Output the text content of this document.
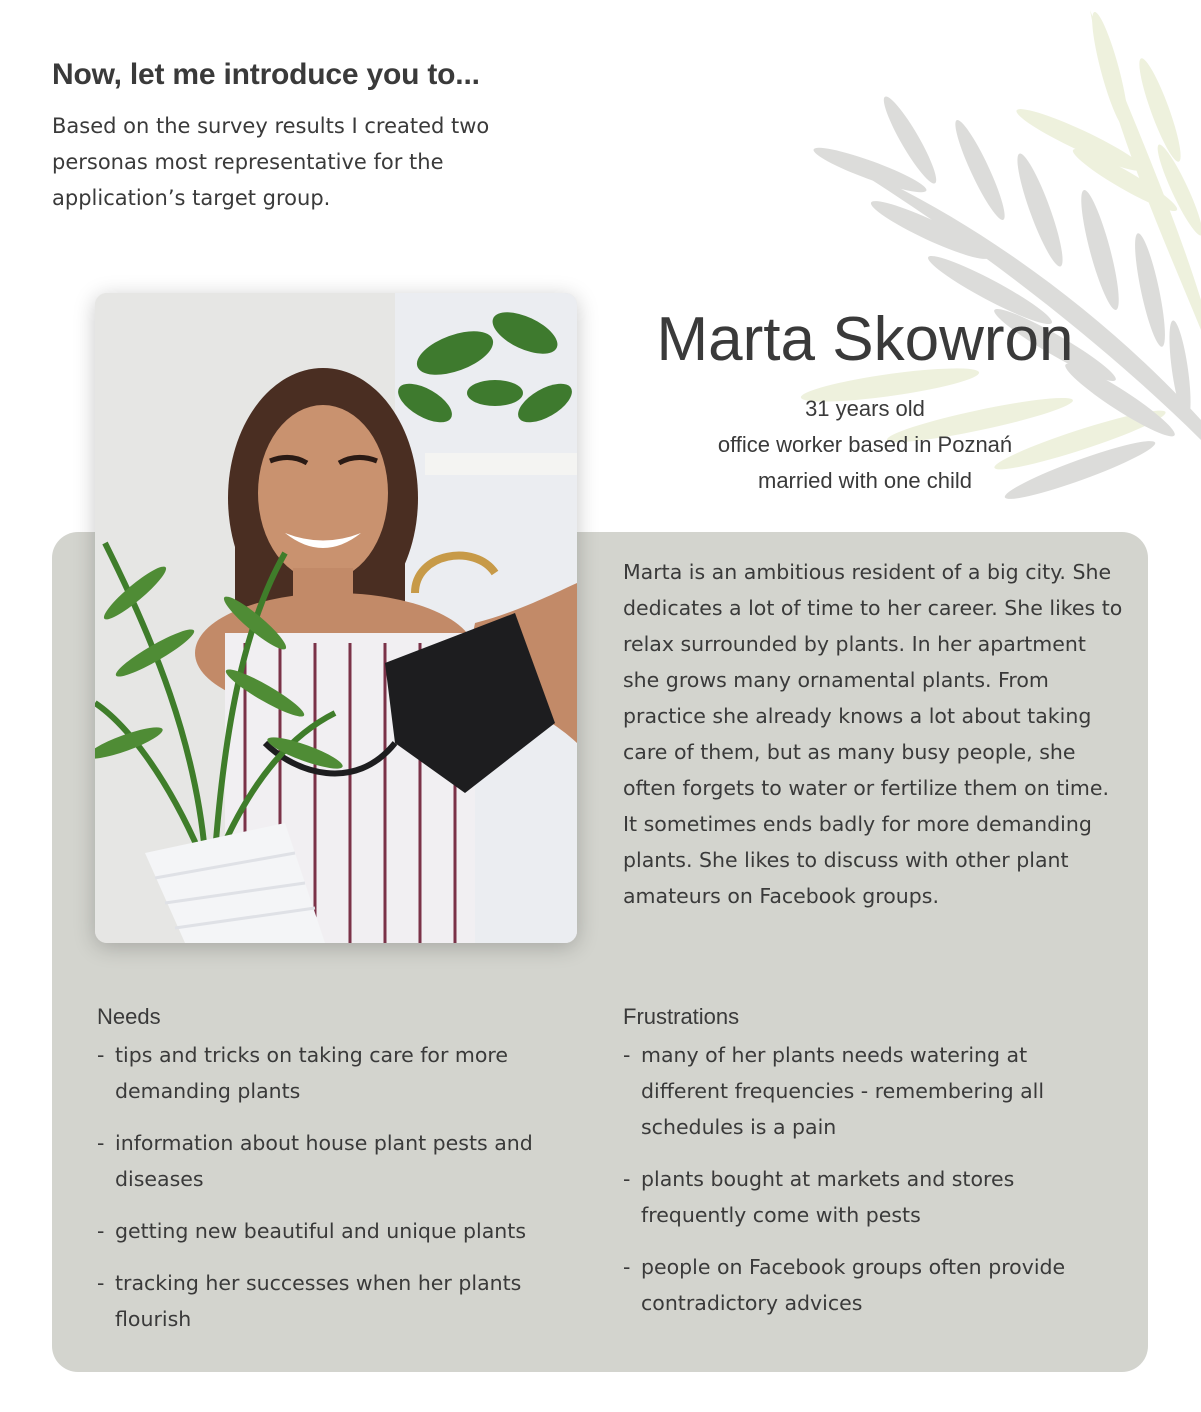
Now, let me introduce you to...

Based on the survey results I created two personas most representative for the application’s target group.

Marta Skowron
31 years old
office worker based in Poznań
married with one child

Marta is an ambitious resident of a big city. She dedicates a lot of time to her career. She likes to relax surrounded by plants. In her apartment she grows many ornamental plants. From practice she already knows a lot about taking care of them, but as many busy people, she often forgets to water or fertilize them on time. It sometimes ends badly for more demanding plants. She likes to discuss with other plant amateurs on Facebook groups.

Needs
- tips and tricks on taking care for more demanding plants
- information about house plant pests and diseases
- getting new beautiful and unique plants
- tracking her successes when her plants flourish
Frustrations
- many of her plants needs watering at different frequencies - remembering all schedules is a pain
- plants bought at markets and stores frequently come with pests
- people on Facebook groups often provide contradictory advices
